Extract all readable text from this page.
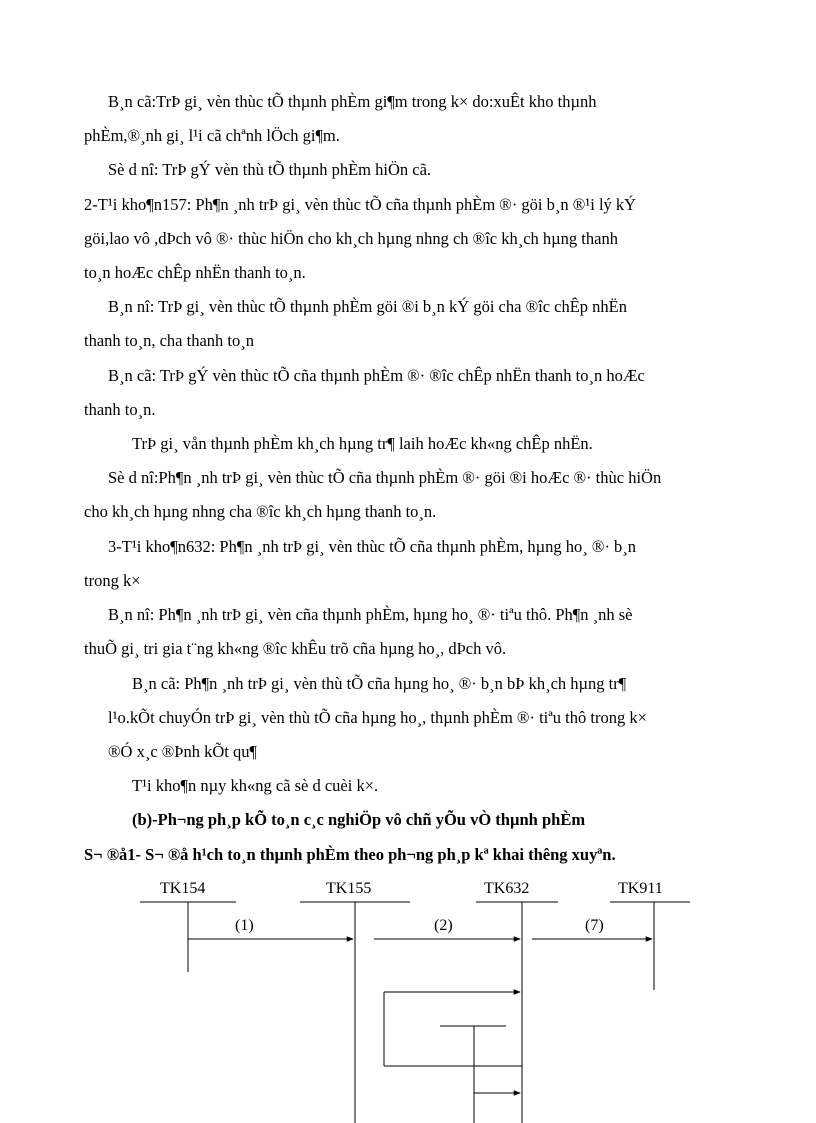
B¸n cã:TrÞ gi¸ vèn thùc tÕ thµnh phÈm gi¶m trong k× do:xuÊt kho thµnh
phÈm,®¸nh gi¸ l¹i cã chªnh lÖch gi¶m.
Sè d nî: TrÞ gÝ vèn thù tÕ thµnh phÈm hiÖn cã.
2-T¹i kho¶n157: Ph¶n ¸nh trÞ gi¸ vèn thùc tÕ cña thµnh phÈm ®· göi b¸n ®¹i lý kÝ
göi,lao vô ,dÞch vô ®· thùc hiÖn cho kh¸ch hµng nhng ch ®îc kh¸ch hµng thanh
to¸n hoÆc chÊp nhËn thanh to¸n.
B¸n nî: TrÞ gi¸ vèn thùc tÕ thµnh phÈm göi ®i b¸n kÝ göi cha ®îc chÊp nhËn
thanh to¸n, cha thanh to¸n
B¸n cã: TrÞ gÝ vèn thùc tÕ cña thµnh phÈm ®· ®îc chÊp nhËn thanh to¸n hoÆc
thanh to¸n.
TrÞ gi¸ vån thµnh phÈm kh¸ch hµng tr¶ laih hoÆc kh«ng chÊp nhËn.
Sè d nî:Ph¶n ¸nh trÞ gi¸ vèn thùc tÕ cña thµnh phÈm ®· göi ®i hoÆc ®· thùc hiÖn
cho kh¸ch hµng nhng cha ®îc kh¸ch hµng thanh to¸n.
3-T¹i kho¶n632: Ph¶n ¸nh trÞ gi¸ vèn thùc tÕ cña thµnh phÈm, hµng ho¸ ®· b¸n
trong k×
B¸n nî: Ph¶n ¸nh trÞ gi¸ vèn cña thµnh phÈm, hµng ho¸ ®· tiªu thô. Ph¶n ¸nh sè
thuÕ gi¸ tri gia t¨ng kh«ng ®îc khÊu trõ cña hµng ho¸, dÞch vô.
B¸n cã: Ph¶n ¸nh trÞ gi¸ vèn thù tÕ cña hµng ho¸ ®· b¸n bÞ kh¸ch hµng tr¶
l¹o.kÕt chuyÓn trÞ gi¸ vèn thù tÕ cña hµng ho¸, thµnh phÈm ®· tiªu thô trong k×
®Ó x¸c ®Þnh kÕt qu¶
T¹i kho¶n nµy kh«ng cã sè d cuèi k×.
(b)-Ph¬ng ph¸p kÕ to¸n c¸c nghiÖp vô chñ yÕu vÒ thµnh phÈm
S¬ ®å1- S¬ ®å h¹ch to¸n thµnh phÈm theo ph¬ng ph¸p kª khai thêng xuyªn.
TK154	TK155	TK632	TK911
(1)	(2)	(7)
